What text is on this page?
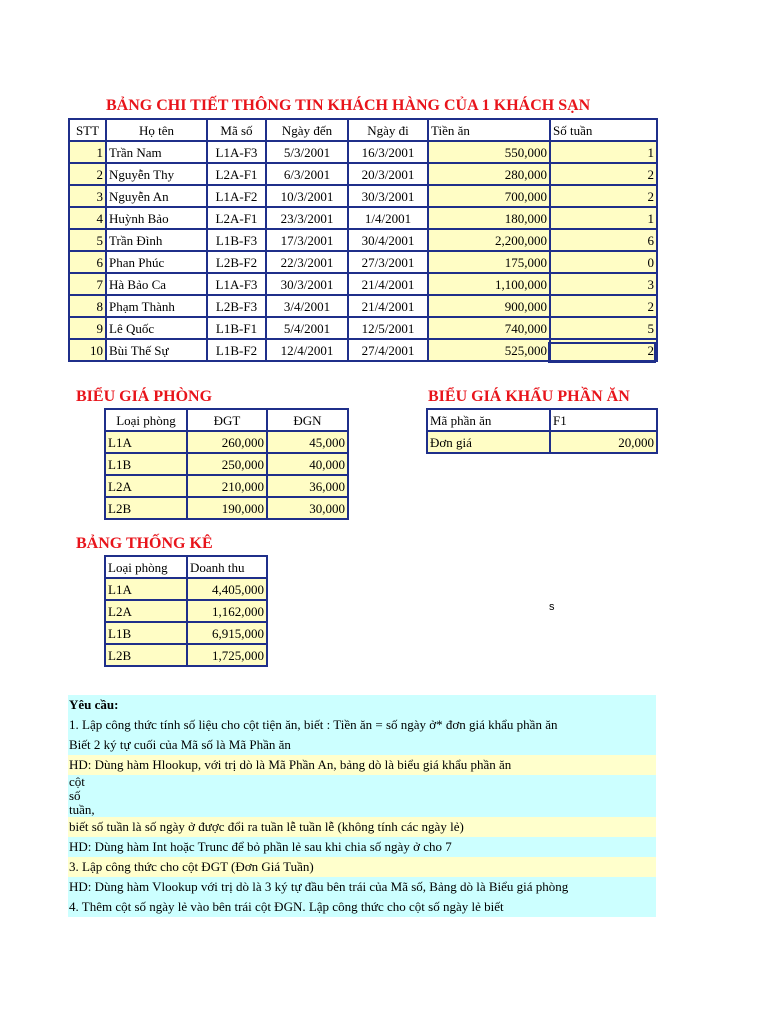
BẢNG CHI TIẾT THÔNG TIN KHÁCH HÀNG CỦA 1 KHÁCH SẠN
STT	Họ tên	Mã số	Ngày đến	Ngày đi	Tiền ăn	Số tuần
1	Trần Nam	L1A-F3	5/3/2001	16/3/2001	550,000	1
2	Nguyễn Thy	L2A-F1	6/3/2001	20/3/2001	280,000	2
3	Nguyễn An	L1A-F2	10/3/2001	30/3/2001	700,000	2
4	Huỳnh Bảo	L2A-F1	23/3/2001	1/4/2001	180,000	1
5	Trần Đình	L1B-F3	17/3/2001	30/4/2001	2,200,000	6
6	Phan Phúc	L2B-F2	22/3/2001	27/3/2001	175,000	0
7	Hà Bảo Ca	L1A-F3	30/3/2001	21/4/2001	1,100,000	3
8	Phạm Thành	L2B-F3	3/4/2001	21/4/2001	900,000	2
9	Lê Quốc	L1B-F1	5/4/2001	12/5/2001	740,000	5
10	Bùi Thế Sự	L1B-F2	12/4/2001	27/4/2001	525,000	2
BIỂU GIÁ PHÒNG
Loại phòng	ĐGT	ĐGN
L1A	260,000	45,000
L1B	250,000	40,000
L2A	210,000	36,000
L2B	190,000	30,000
BIỂU GIÁ KHẨU PHẦN ĂN
Mã phần ăn	F1
Đơn giá	20,000
BẢNG THỐNG KÊ
Loại phòng	Doanh thu
L1A	4,405,000
L2A	1,162,000
L1B	6,915,000
L2B	1,725,000
s
Yêu cầu:
1. Lập công thức tính số liệu cho cột tiện ăn, biết : Tiền ăn = số ngày ở* đơn giá khẩu phần ăn
Biết 2 ký tự cuối của Mã số là Mã Phần ăn
HD: Dùng hàm Hlookup, với trị dò là Mã Phần An, bảng dò là biểu giá khẩu phần ăn
cột
số
tuần,
biết số tuần là số ngày ở được đổi ra tuần lễ tuần lễ (không tính các ngày lẻ)
HD: Dùng hàm Int hoặc Trunc để bỏ phần lẻ sau khi chia số ngày ở cho 7
3. Lập công thức cho cột ĐGT (Đơn Giá Tuần)
HD: Dùng hàm Vlookup với trị dò là 3 ký tự đầu bên trái của Mã số, Bảng dò là Biểu giá phòng
4. Thêm cột số ngày lẻ vào bên trái cột ĐGN. Lập công thức cho cột số ngày lẻ biết
